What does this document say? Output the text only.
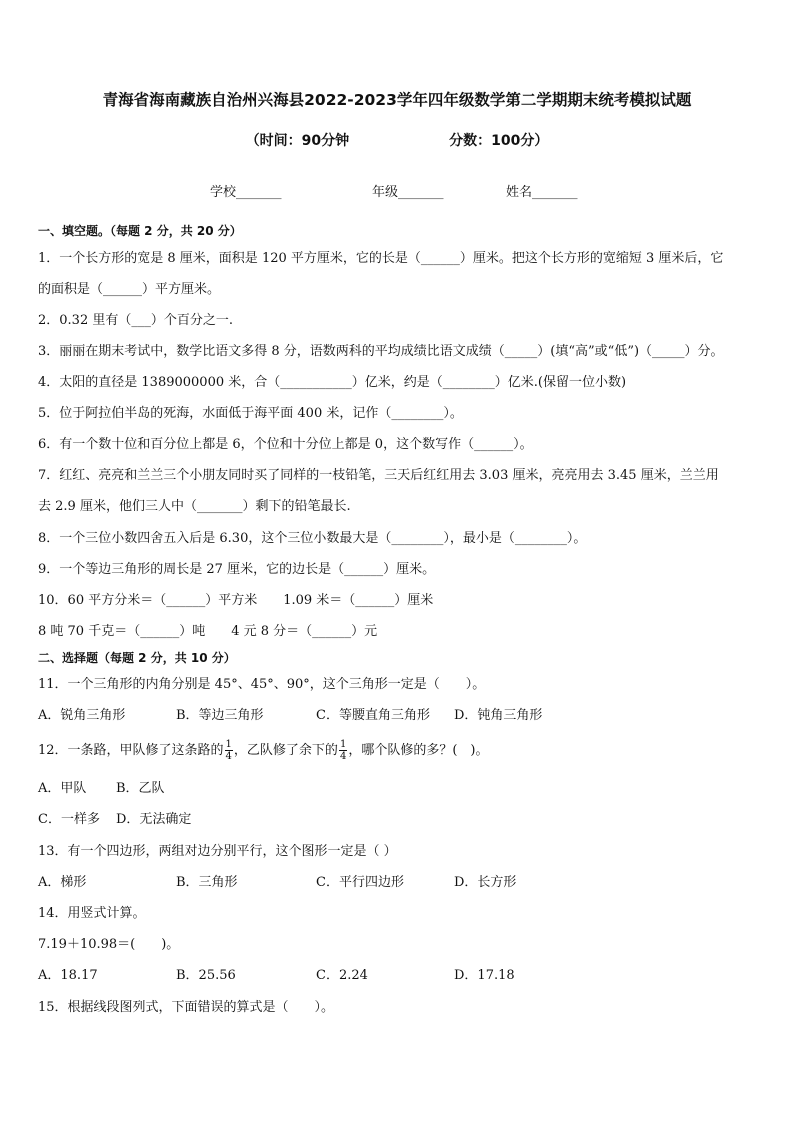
青海省海南藏族自治州兴海县2022-2023学年四年级数学第二学期期末统考模拟试题
（时间：90分钟	分数：100分）
学校_______	年级_______	姓名_______
一、填空题。（每题 2 分，共 20 分）
1．一个长方形的宽是 8 厘米，面积是 120 平方厘米，它的长是（______）厘米。把这个长方形的宽缩短 3 厘米后，它
的面积是（______）平方厘米。
2．0.32 里有（___）个百分之一.
3．丽丽在期末考试中，数学比语文多得 8 分，语数两科的平均成绩比语文成绩（_____）(填“高”或“低”)（_____）分。
4．太阳的直径是 1389000000 米，合（___________）亿米，约是（________）亿米.(保留一位小数)
5．位于阿拉伯半岛的死海，水面低于海平面 400 米，记作（________）。
6．有一个数十位和百分位上都是 6，个位和十分位上都是 0，这个数写作（______）。
7．红红、亮亮和兰兰三个小朋友同时买了同样的一枝铅笔，三天后红红用去 3.03 厘米，亮亮用去 3.45 厘米，兰兰用
去 2.9 厘米，他们三人中（_______）剩下的铅笔最长.
8．一个三位小数四舍五入后是 6.30，这个三位小数最大是（________），最小是（________）。
9．一个等边三角形的周长是 27 厘米，它的边长是（______）厘米。
10．60 平方分米＝（______）平方米　　1.09 米＝（______）厘米
8 吨 70 千克＝（______）吨　　4 元 8 分＝（______）元
二、选择题（每题 2 分，共 10 分）
11．一个三角形的内角分别是 45°、45°、90°，这个三角形一定是（　　）。
A．锐角三角形	B．等边三角形	C．等腰直角三角形 D．钝角三角形
12．一条路，甲队修了这条路的 $\frac{1}{4}$ ，乙队修了余下的 $\frac{1}{4}$ ，哪个队修的多？(　)。
A．甲队 B．乙队
C．一样多 D．无法确定
13．有一个四边形，两组对边分别平行，这个图形一定是（ ）
A．梯形	B．三角形	C．平行四边形	D．长方形
14．用竖式计算。
7.19＋10.98＝(　　)。
A．18.17	B．25.56	C．2.24	D．17.18
15．根据线段图列式，下面错误的算式是（　　）。
